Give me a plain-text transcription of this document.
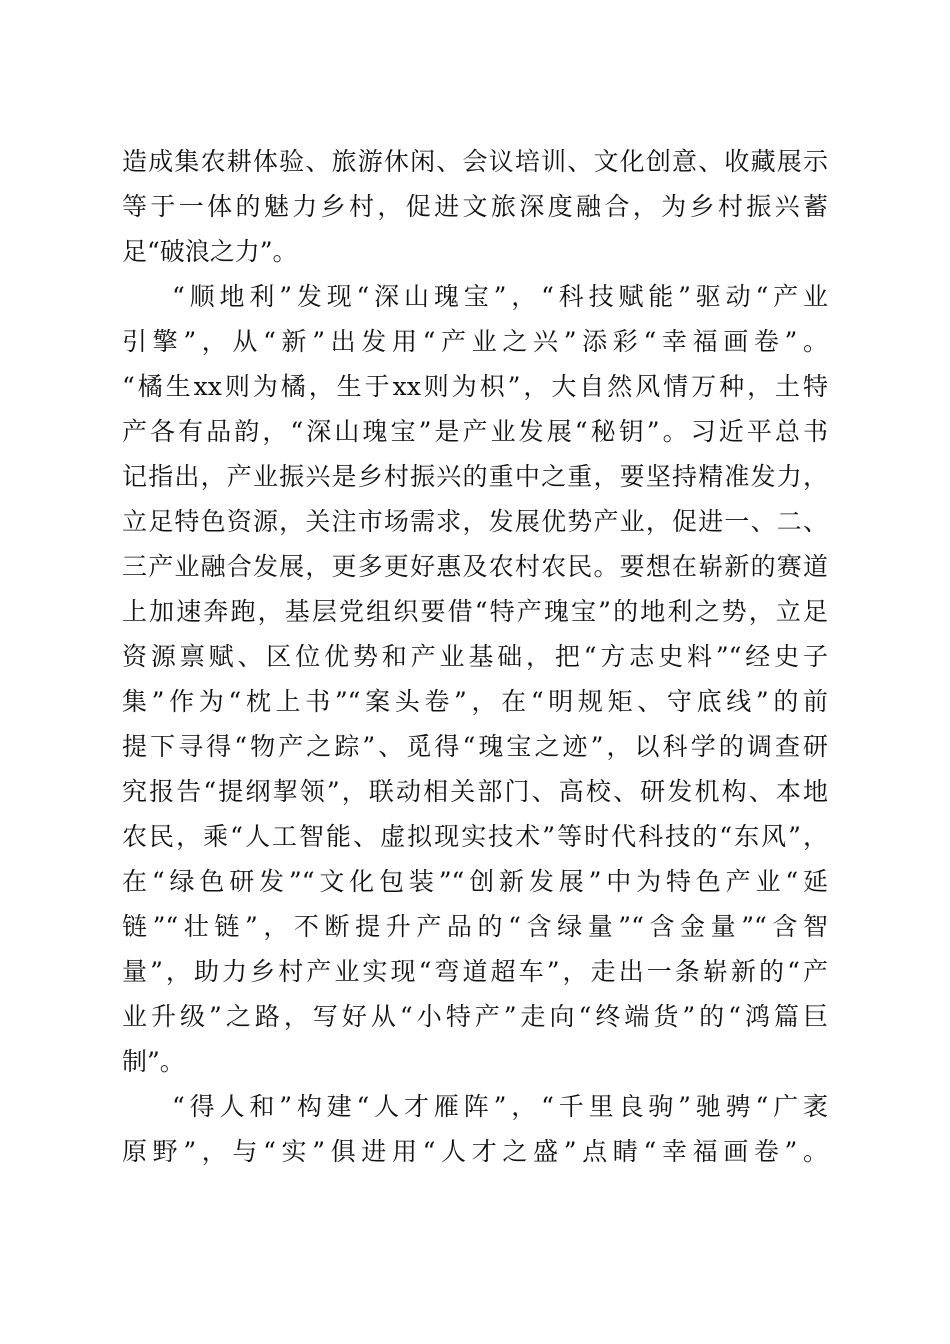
造成集农耕体验、旅游休闲、会议培训、文化创意、收藏展示
等于一体的魅力乡村，促进文旅深度融合，为乡村振兴蓄
足“破浪之力”。
“顺地利”发现“深山瑰宝”，“科技赋能”驱动“产业
引擎”，从“新”出发用“产业之兴”添彩“幸福画卷”。
“橘生xx则为橘，生于xx则为枳”，大自然风情万种，土特
产各有品韵，“深山瑰宝”是产业发展“秘钥”。习近平总书
记指出，产业振兴是乡村振兴的重中之重，要坚持精准发力，
立足特色资源，关注市场需求，发展优势产业，促进一、二、
三产业融合发展，更多更好惠及农村农民。要想在崭新的赛道
上加速奔跑，基层党组织要借“特产瑰宝”的地利之势，立足
资源禀赋、区位优势和产业基础，把“方志史料”“经史子
集”作为“枕上书”“案头卷”，在“明规矩、守底线”的前
提下寻得“物产之踪”、觅得“瑰宝之迹”，以科学的调查研
究报告“提纲挈领”，联动相关部门、高校、研发机构、本地
农民，乘“人工智能、虚拟现实技术”等时代科技的“东风”，
在“绿色研发”“文化包装”“创新发展”中为特色产业“延
链”“壮链”，不断提升产品的“含绿量”“含金量”“含智
量”，助力乡村产业实现“弯道超车”，走出一条崭新的“产
业升级”之路，写好从“小特产”走向“终端货”的“鸿篇巨
制”。
“得人和”构建“人才雁阵”，“千里良驹”驰骋“广袤
原野”，与“实”俱进用“人才之盛”点睛“幸福画卷”。
